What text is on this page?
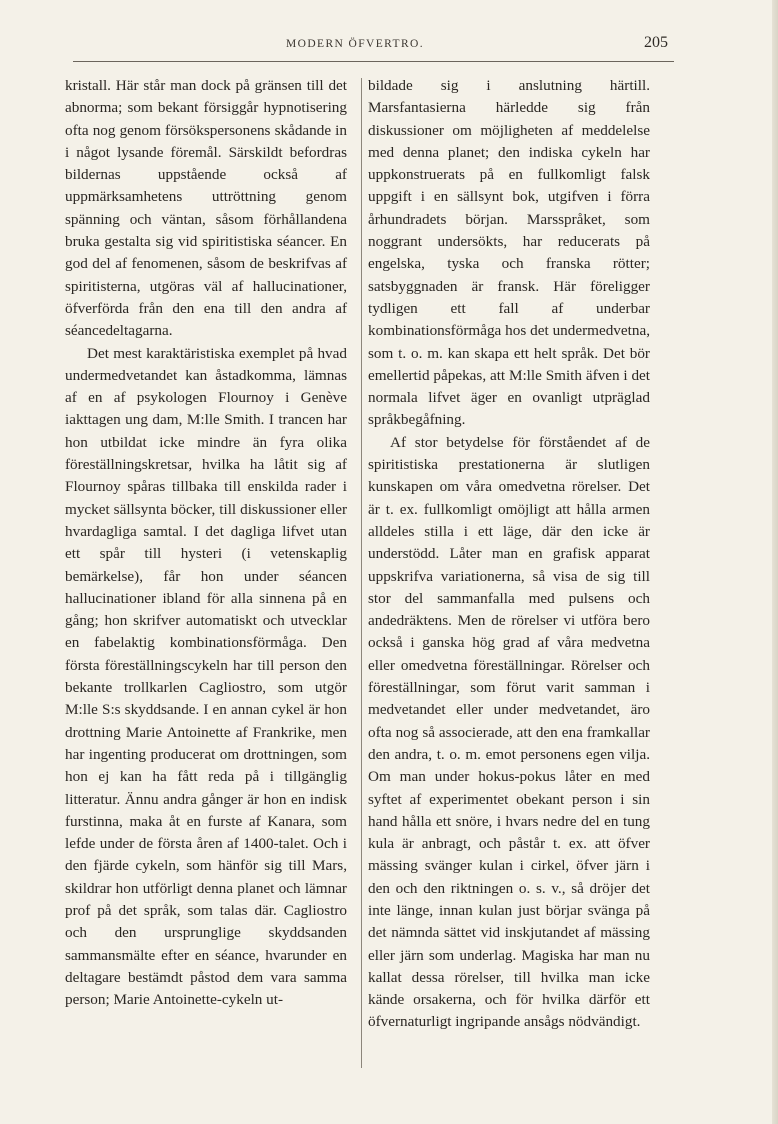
MODERN ÖFVERTRO.	205

kristall. Här står man dock på gränsen till det abnorma; som bekant försiggår hypnotisering ofta nog genom försökspersonens skådande in i något lysande föremål. Särskildt befordras bildernas uppstående också af uppmärksamhetens uttröttning genom spänning och väntan, såsom förhållandena bruka gestalta sig vid spiritistiska séancer. En god del af fenomenen, såsom de beskrifvas af spiritisterna, utgöras väl af hallucinationer, öfverförda från den ena till den andra af séancedeltagarna.

Det mest karaktäristiska exemplet på hvad undermedvetandet kan åstadkomma, lämnas af en af psykologen Flournoy i Genève iakttagen ung dam, M:lle Smith. I trancen har hon utbildat icke mindre än fyra olika föreställningskretsar, hvilka ha låtit sig af Flournoy spåras tillbaka till enskilda rader i mycket sällsynta böcker, till diskussioner eller hvardagliga samtal. I det dagliga lifvet utan ett spår till hysteri (i vetenskaplig bemärkelse), får hon under séancen hallucinationer ibland för alla sinnena på en gång; hon skrifver automatiskt och utvecklar en fabelaktig kombinationsförmåga. Den första föreställningscykeln har till person den bekante trollkarlen Cagliostro, som utgör M:lle S:s skyddsande. I en annan cykel är hon drottning Marie Antoinette af Frankrike, men har ingenting producerat om drottningen, som hon ej kan ha fått reda på i tillgänglig litteratur. Ännu andra gånger är hon en indisk furstinna, maka åt en furste af Kanara, som lefde under de första åren af 1400-talet. Och i den fjärde cykeln, som hänför sig till Mars, skildrar hon utförligt denna planet och lämnar prof på det språk, som talas där. Cagliostro och den ursprunglige skyddsanden sammansmälte efter en séance, hvarunder en deltagare bestämdt påstod dem vara samma person; Marie Antoinette-cykeln ut-

bildade sig i anslutning härtill. Marsfantasierna härledde sig från diskussioner om möjligheten af meddelelse med denna planet; den indiska cykeln har uppkonstruerats på en fullkomligt falsk uppgift i en sällsynt bok, utgifven i förra århundradets början. Marsspråket, som noggrant undersökts, har reducerats på engelska, tyska och franska rötter; satsbyggnaden är fransk. Här föreligger tydligen ett fall af underbar kombinationsförmåga hos det undermedvetna, som t. o. m. kan skapa ett helt språk. Det bör emellertid påpekas, att M:lle Smith äfven i det normala lifvet äger en ovanligt utpräglad språkbegåfning.

Af stor betydelse för förståendet af de spiritistiska prestationerna är slutligen kunskapen om våra omedvetna rörelser. Det är t. ex. fullkomligt omöjligt att hålla armen alldeles stilla i ett läge, där den icke är understödd. Låter man en grafisk apparat uppskrifva variationerna, så visa de sig till stor del sammanfalla med pulsens och andedräktens. Men de rörelser vi utföra bero också i ganska hög grad af våra medvetna eller omedvetna föreställningar. Rörelser och föreställningar, som förut varit samman i medvetandet eller under medvetandet, äro ofta nog så associerade, att den ena framkallar den andra, t. o. m. emot personens egen vilja. Om man under hokus-pokus låter en med syftet af experimentet obekant person i sin hand hålla ett snöre, i hvars nedre del en tung kula är anbragt, och påstår t. ex. att öfver mässing svänger kulan i cirkel, öfver järn i den och den riktningen o. s. v., så dröjer det inte länge, innan kulan just börjar svänga på det nämnda sättet vid inskjutandet af mässing eller järn som underlag. Magiska har man nu kallat dessa rörelser, till hvilka man icke kände orsakerna, och för hvilka därför ett öfvernaturligt ingripande ansågs nödvändigt.
